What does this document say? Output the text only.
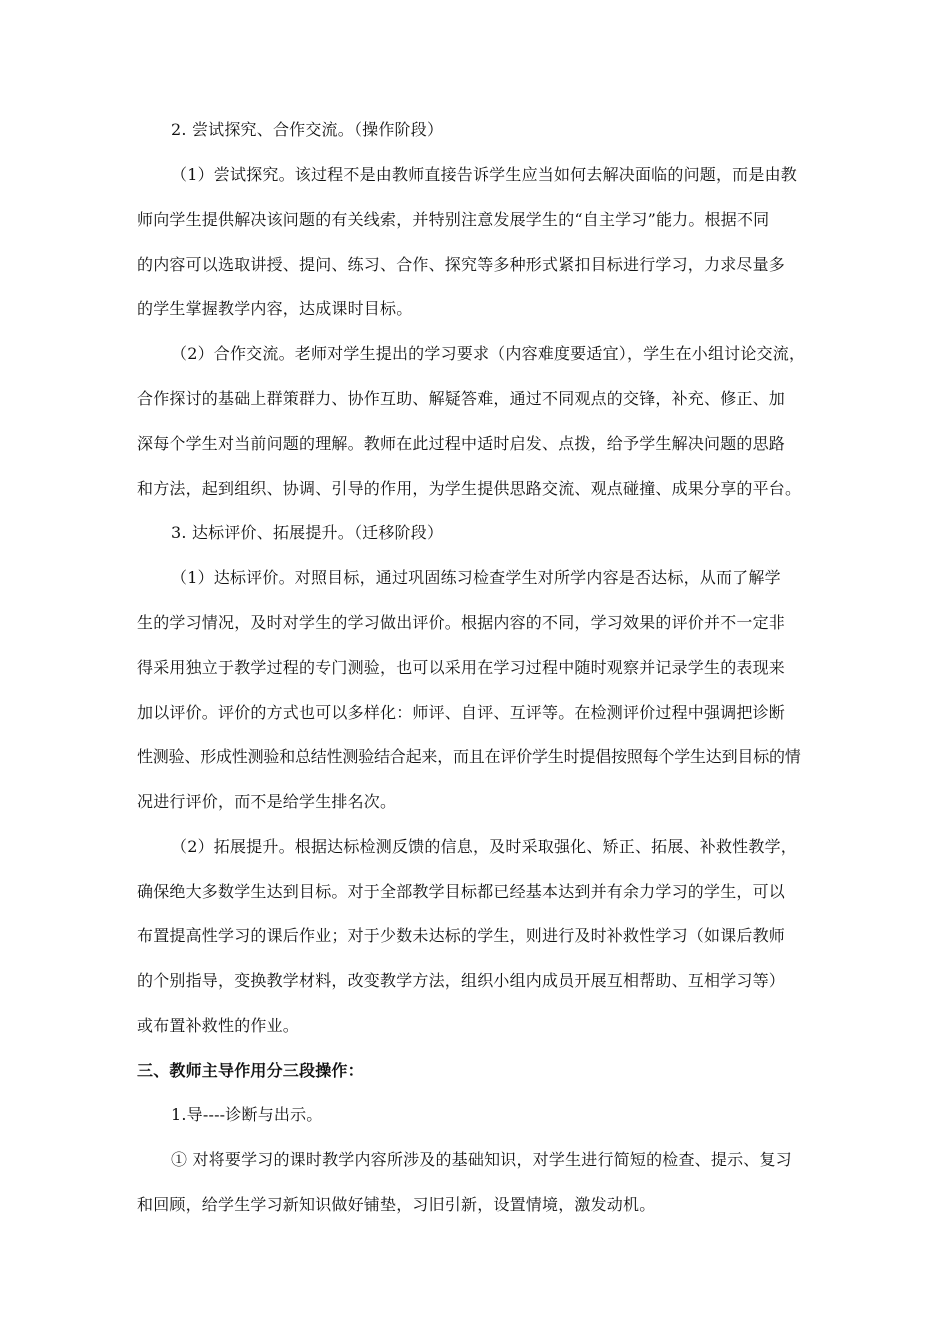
2. 尝试探究、合作交流。（操作阶段）
（1）尝试探究。该过程不是由教师直接告诉学生应当如何去解决面临的问题，而是由教
师向学生提供解决该问题的有关线索，并特别注意发展学生的“自主学习”能力。根据不同
的内容可以选取讲授、提问、练习、合作、探究等多种形式紧扣目标进行学习，力求尽量多
的学生掌握教学内容，达成课时目标。
（2）合作交流。老师对学生提出的学习要求（内容难度要适宜），学生在小组讨论交流，
合作探讨的基础上群策群力、协作互助、解疑答难，通过不同观点的交锋，补充、修正、加
深每个学生对当前问题的理解。教师在此过程中适时启发、点拨，给予学生解决问题的思路
和方法，起到组织、协调、引导的作用，为学生提供思路交流、观点碰撞、成果分享的平台。
3. 达标评价、拓展提升。（迁移阶段）
（1）达标评价。对照目标，通过巩固练习检查学生对所学内容是否达标，从而了解学
生的学习情况，及时对学生的学习做出评价。根据内容的不同，学习效果的评价并不一定非
得采用独立于教学过程的专门测验，也可以采用在学习过程中随时观察并记录学生的表现来
加以评价。评价的方式也可以多样化：师评、自评、互评等。在检测评价过程中强调把诊断
性测验、形成性测验和总结性测验结合起来，而且在评价学生时提倡按照每个学生达到目标的情
况进行评价，而不是给学生排名次。
（2）拓展提升。根据达标检测反馈的信息，及时采取强化、矫正、拓展、补救性教学，
确保绝大多数学生达到目标。对于全部教学目标都已经基本达到并有余力学习的学生，可以
布置提高性学习的课后作业；对于少数未达标的学生，则进行及时补救性学习（如课后教师
的个别指导，变换教学材料，改变教学方法，组织小组内成员开展互相帮助、互相学习等）
或布置补救性的作业。
三、教师主导作用分三段操作：
1.导----诊断与出示。
① 对将要学习的课时教学内容所涉及的基础知识，对学生进行简短的检查、提示、复习
和回顾，给学生学习新知识做好铺垫，习旧引新，设置情境，激发动机。
